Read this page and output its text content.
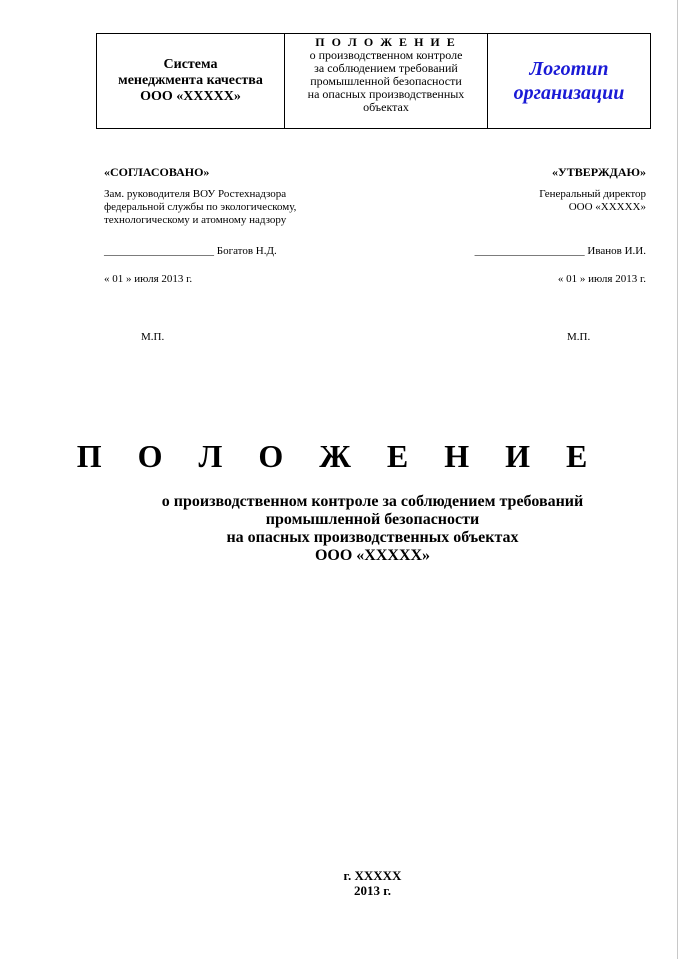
Система
менеджмента качества
ООО «ХХХХХ»
П О Л О Ж Е Н И Е
о производственном контроле
за соблюдением требований
промышленной безопасности
на опасных производственных
объектах
Логотип
организации
«СОГЛАСОВАНО»
Зам. руководителя ВОУ Ростехнадзора
федеральной службы по экологическому,
технологическому и атомному надзору
____________________ Богатов Н.Д.
« 01 » июля 2013 г.
М.П.
«УТВЕРЖДАЮ»
Генеральный директор
ООО «ХХХХХ»
____________________ Иванов И.И.
« 01 » июля 2013 г.
М.П.
П О Л О Ж Е Н И Е
о производственном контроле за соблюдением требований
промышленной безопасности
на опасных производственных объектах
ООО «ХХХХХ»
г. ХХХХХ
2013 г.
